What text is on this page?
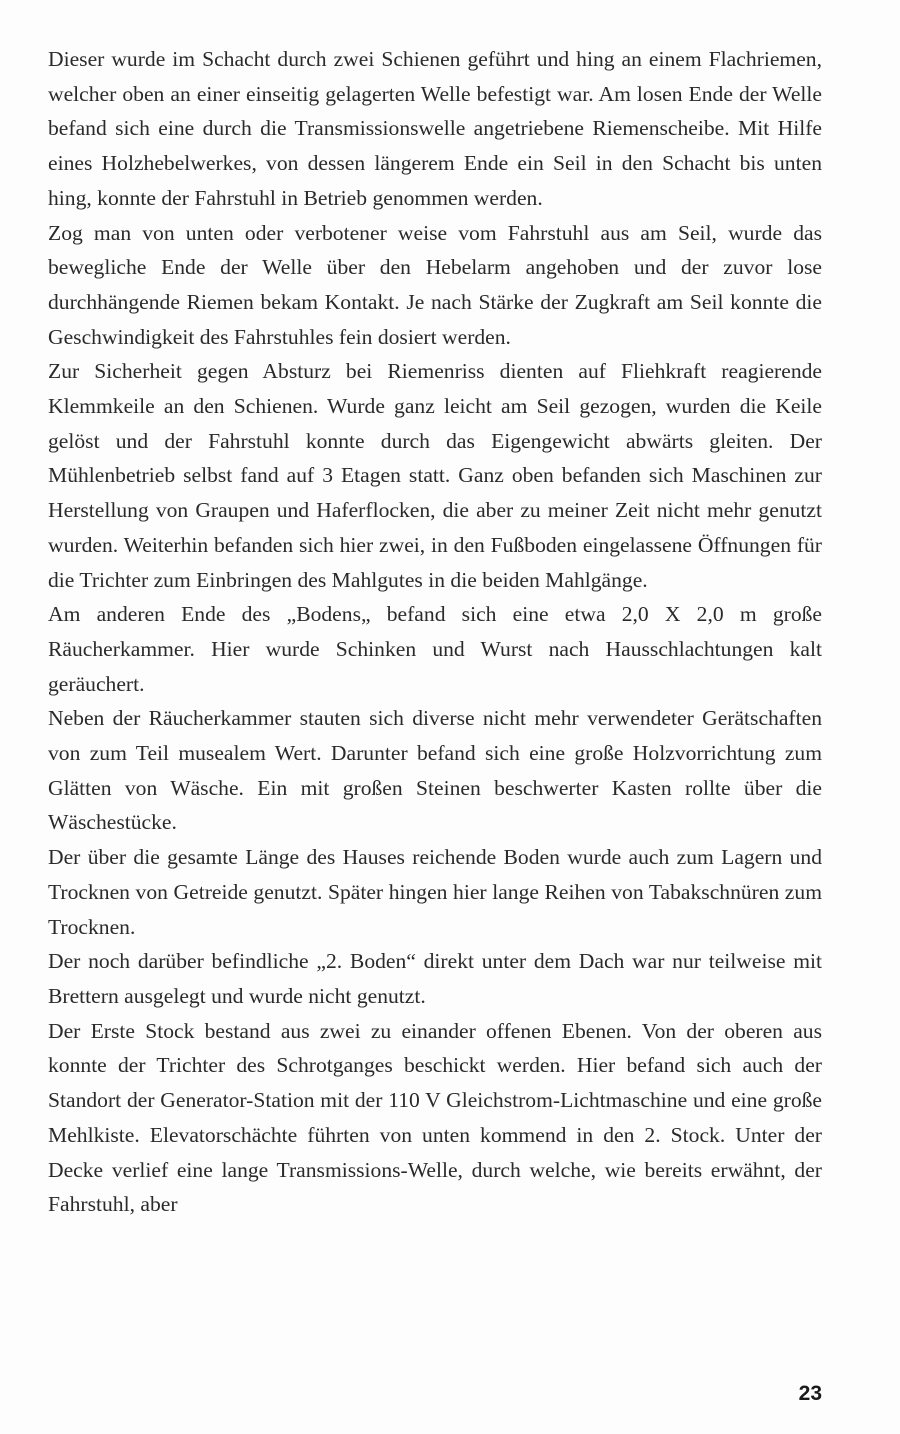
Dieser wurde im Schacht durch zwei Schienen geführt und hing an einem Flachriemen, welcher oben an einer einseitig gelagerten Welle befestigt war. Am losen Ende der Welle befand sich eine durch die Transmissionswelle angetriebene Riemenscheibe. Mit Hilfe eines Holzhebelwerkes, von dessen längerem Ende ein Seil in den Schacht bis unten hing, konnte der Fahrstuhl in Betrieb genommen werden.

Zog man von unten oder verbotener weise vom Fahrstuhl aus am Seil, wurde das bewegliche Ende der Welle über den Hebelarm angehoben und der zuvor lose durchhängende Riemen bekam Kontakt. Je nach Stärke der Zugkraft am Seil konnte die Geschwindigkeit des Fahrstuhles fein dosiert werden.

Zur Sicherheit gegen Absturz bei Riemenriss dienten auf Fliehkraft reagierende Klemmkeile an den Schienen. Wurde ganz leicht am Seil gezogen, wurden die Keile gelöst und der Fahrstuhl konnte durch das Eigengewicht abwärts gleiten. Der Mühlenbetrieb selbst fand auf 3 Etagen statt. Ganz oben befanden sich Maschinen zur Herstellung von Graupen und Haferflocken, die aber zu meiner Zeit nicht mehr genutzt wurden. Weiterhin befanden sich hier zwei, in den Fußboden eingelassene Öffnungen für die Trichter zum Einbringen des Mahlgutes in die beiden Mahlgänge.

Am anderen Ende des „Bodens„ befand sich eine etwa 2,0 X 2,0 m große Räucherkammer. Hier wurde Schinken und Wurst nach Hausschlachtungen kalt geräuchert.

Neben der Räucherkammer stauten sich diverse nicht mehr verwendeter Gerätschaften von zum Teil musealem Wert. Darunter befand sich eine große Holzvorrichtung zum Glätten von Wäsche. Ein mit großen Steinen beschwerter Kasten rollte über die Wäschestücke.

Der über die gesamte Länge des Hauses reichende Boden wurde auch zum Lagern und Trocknen von Getreide genutzt. Später hingen hier lange Reihen von Tabakschnüren zum Trocknen.

Der noch darüber befindliche „2. Boden“ direkt unter dem Dach war nur teilweise mit Brettern ausgelegt und wurde nicht genutzt.

Der Erste Stock bestand aus zwei zu einander offenen Ebenen. Von der oberen aus konnte der Trichter des Schrotganges beschickt werden. Hier befand sich auch der Standort der Generator-Station mit der 110 V Gleichstrom-Lichtmaschine und eine große Mehlkiste. Elevatorschächte führten von unten kommend in den 2. Stock. Unter der Decke verlief eine lange Transmissions-Welle, durch welche, wie bereits erwähnt, der Fahrstuhl, aber

23
